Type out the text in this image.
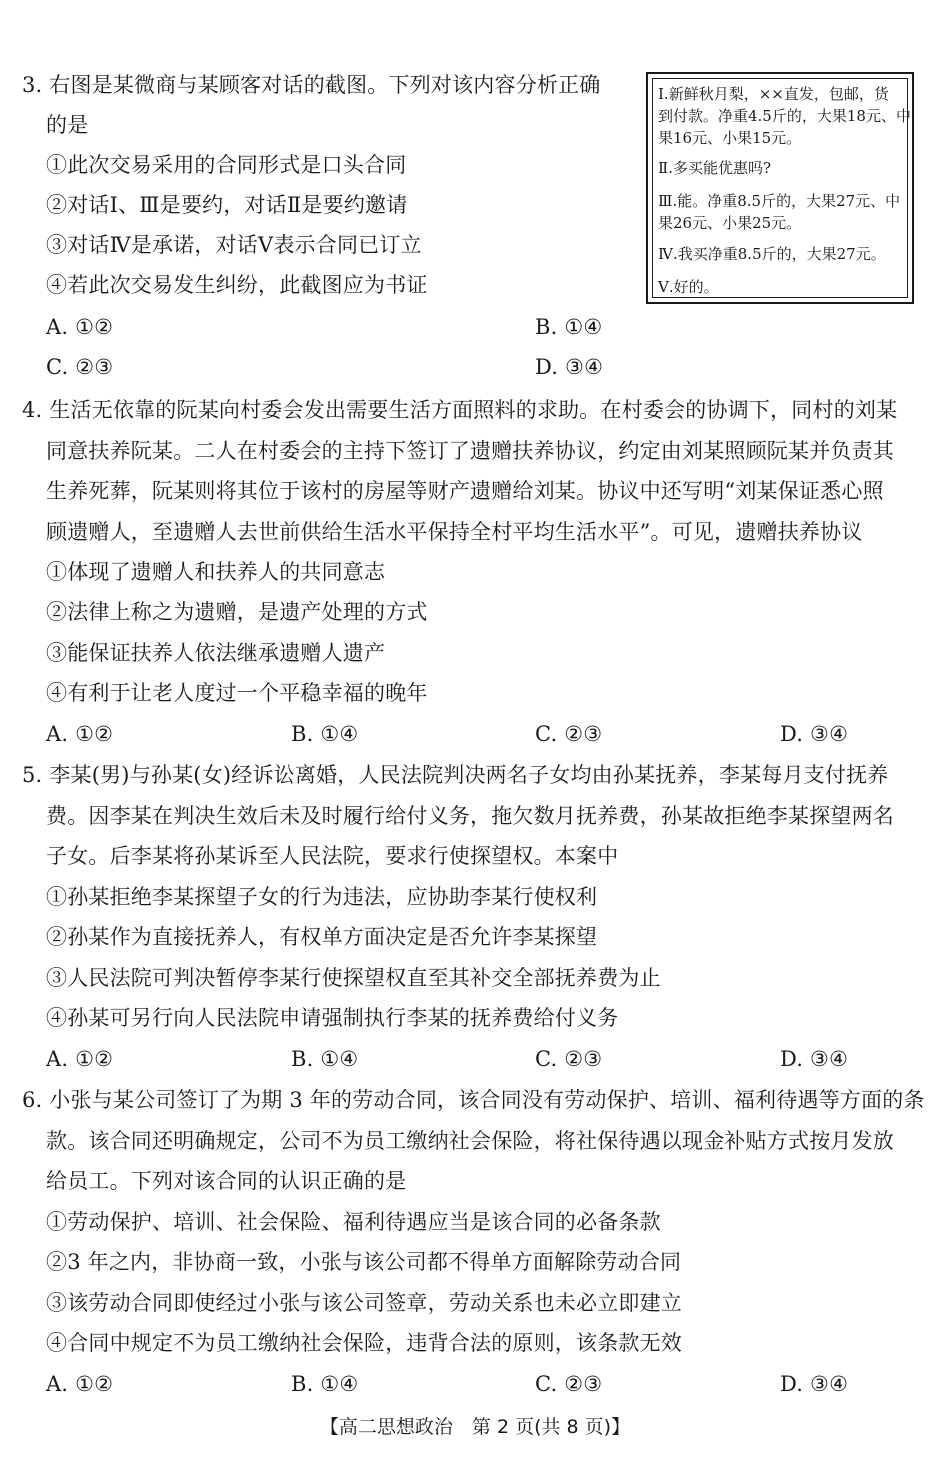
3. 右图是某微商与某顾客对话的截图。下列对该内容分析正确
的是
①此次交易采用的合同形式是口头合同
②对话Ⅰ、Ⅲ是要约，对话Ⅱ是要约邀请
③对话Ⅳ是承诺，对话Ⅴ表示合同已订立
④若此次交易发生纠纷，此截图应为书证
A. ①②	B. ①④
C. ②③	D. ③④
Ⅰ.新鲜秋月梨，××直发，包邮，货
到付款。净重4.5斤的，大果18元、中
果16元、小果15元。
Ⅱ.多买能优惠吗?
Ⅲ.能。净重8.5斤的，大果27元、中
果26元、小果25元。
Ⅳ.我买净重8.5斤的，大果27元。
Ⅴ.好的。
4. 生活无依靠的阮某向村委会发出需要生活方面照料的求助。在村委会的协调下，同村的刘某
同意扶养阮某。二人在村委会的主持下签订了遗赠扶养协议，约定由刘某照顾阮某并负责其
生养死葬，阮某则将其位于该村的房屋等财产遗赠给刘某。协议中还写明“刘某保证悉心照
顾遗赠人，至遗赠人去世前供给生活水平保持全村平均生活水平”。可见，遗赠扶养协议
①体现了遗赠人和扶养人的共同意志
②法律上称之为遗赠，是遗产处理的方式
③能保证扶养人依法继承遗赠人遗产
④有利于让老人度过一个平稳幸福的晚年
A. ①②	B. ①④	C. ②③	D. ③④
5. 李某(男)与孙某(女)经诉讼离婚，人民法院判决两名子女均由孙某抚养，李某每月支付抚养
费。因李某在判决生效后未及时履行给付义务，拖欠数月抚养费，孙某故拒绝李某探望两名
子女。后李某将孙某诉至人民法院，要求行使探望权。本案中
①孙某拒绝李某探望子女的行为违法，应协助李某行使权利
②孙某作为直接抚养人，有权单方面决定是否允许李某探望
③人民法院可判决暂停李某行使探望权直至其补交全部抚养费为止
④孙某可另行向人民法院申请强制执行李某的抚养费给付义务
A. ①②	B. ①④	C. ②③	D. ③④
6. 小张与某公司签订了为期 3 年的劳动合同，该合同没有劳动保护、培训、福利待遇等方面的条
款。该合同还明确规定，公司不为员工缴纳社会保险，将社保待遇以现金补贴方式按月发放
给员工。下列对该合同的认识正确的是
①劳动保护、培训、社会保险、福利待遇应当是该合同的必备条款
②3 年之内，非协商一致，小张与该公司都不得单方面解除劳动合同
③该劳动合同即使经过小张与该公司签章，劳动关系也未必立即建立
④合同中规定不为员工缴纳社会保险，违背合法的原则，该条款无效
A. ①②	B. ①④	C. ②③	D. ③④
【高二思想政治　第 2 页(共 8 页)】
